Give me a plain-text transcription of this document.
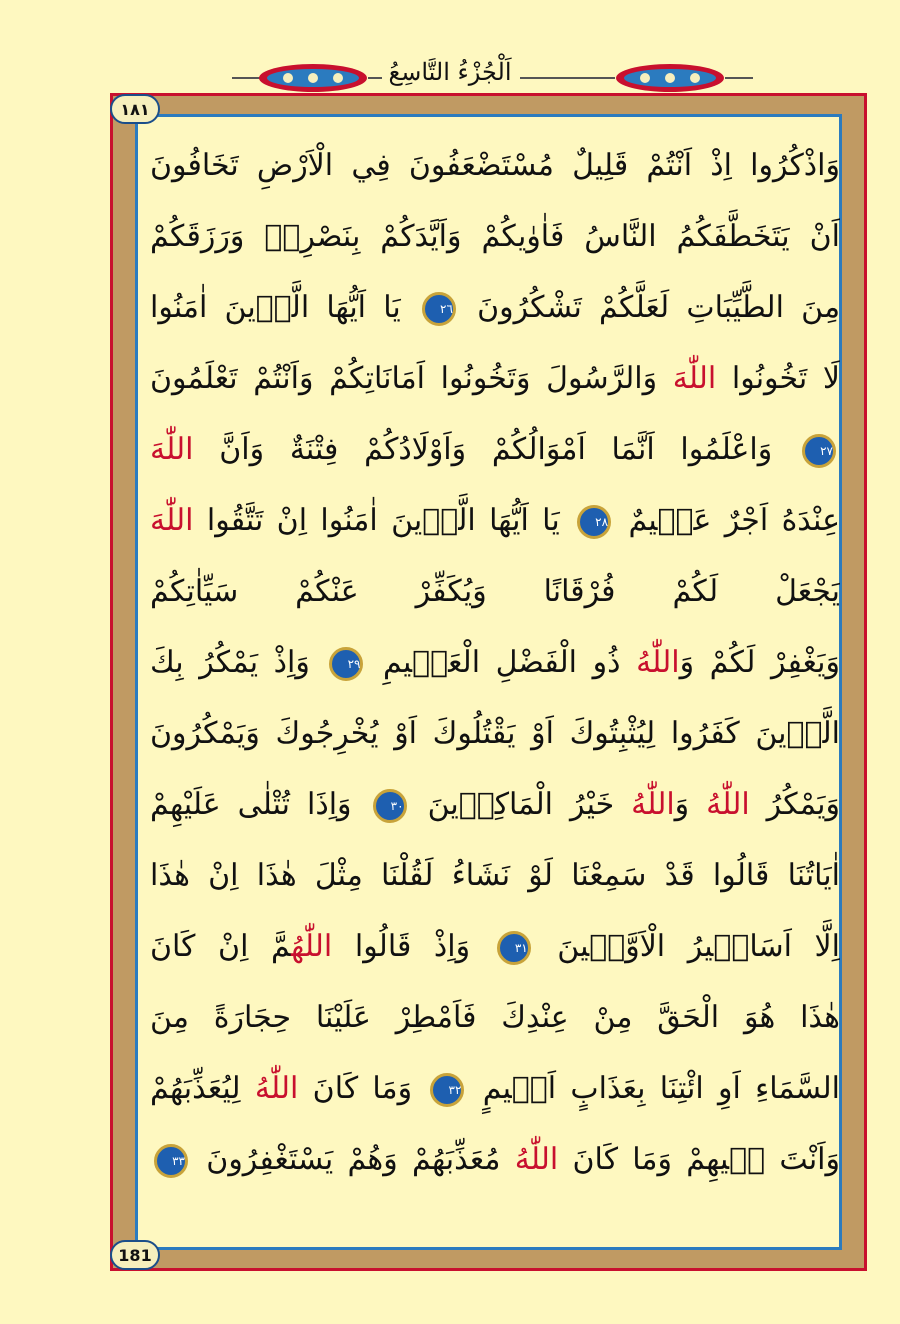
اَلْجُزْءُ التَّاسِعُ
١٨١
181
وَاذْكُرُوا اِذْ اَنْتُمْ قَلِيلٌ مُسْتَضْعَفُونَ فِي الْاَرْضِ تَخَافُونَ
اَنْ يَتَخَطَّفَكُمُ النَّاسُ فَاٰوٰيكُمْ وَاَيَّدَكُمْ بِنَصْرِهٖ وَرَزَقَكُمْ
مِنَ الطَّيِّبَاتِ لَعَلَّكُمْ تَشْكُرُونَ ٢٦ يَا اَيُّهَا الَّذٖينَ اٰمَنُوا
لَا تَخُونُوا اللّٰهَ وَالرَّسُولَ وَتَخُونُوا اَمَانَاتِكُمْ وَاَنْتُمْ تَعْلَمُونَ
٢٧ وَاعْلَمُوا اَنَّمَا اَمْوَالُكُمْ وَاَوْلَادُكُمْ فِتْنَةٌ وَاَنَّ اللّٰهَ
عِنْدَهُ اَجْرٌ عَظٖيمٌ ٢٨ يَا اَيُّهَا الَّذٖينَ اٰمَنُوا اِنْ تَتَّقُوا اللّٰهَ
يَجْعَلْ لَكُمْ فُرْقَانًا وَيُكَفِّرْ عَنْكُمْ سَيِّاٰتِكُمْ
وَيَغْفِرْ لَكُمْ وَاللّٰهُ ذُو الْفَضْلِ الْعَظٖيمِ ٢٩ وَاِذْ يَمْكُرُ بِكَ
الَّذٖينَ كَفَرُوا لِيُثْبِتُوكَ اَوْ يَقْتُلُوكَ اَوْ يُخْرِجُوكَ وَيَمْكُرُونَ
وَيَمْكُرُ اللّٰهُ وَاللّٰهُ خَيْرُ الْمَاكِرٖينَ ٣٠ وَاِذَا تُتْلٰى عَلَيْهِمْ
اٰيَاتُنَا قَالُوا قَدْ سَمِعْنَا لَوْ نَشَاءُ لَقُلْنَا مِثْلَ هٰذَا اِنْ هٰذَا
اِلَّا اَسَاطٖيرُ الْاَوَّلٖينَ ٣١ وَاِذْ قَالُوا اللّٰهُمَّ اِنْ كَانَ
هٰذَا هُوَ الْحَقَّ مِنْ عِنْدِكَ فَاَمْطِرْ عَلَيْنَا حِجَارَةً مِنَ
السَّمَاءِ اَوِ ائْتِنَا بِعَذَابٍ اَلٖيمٍ ٣٢ وَمَا كَانَ اللّٰهُ لِيُعَذِّبَهُمْ
وَاَنْتَ فٖيهِمْ وَمَا كَانَ اللّٰهُ مُعَذِّبَهُمْ وَهُمْ يَسْتَغْفِرُونَ ٣٣
